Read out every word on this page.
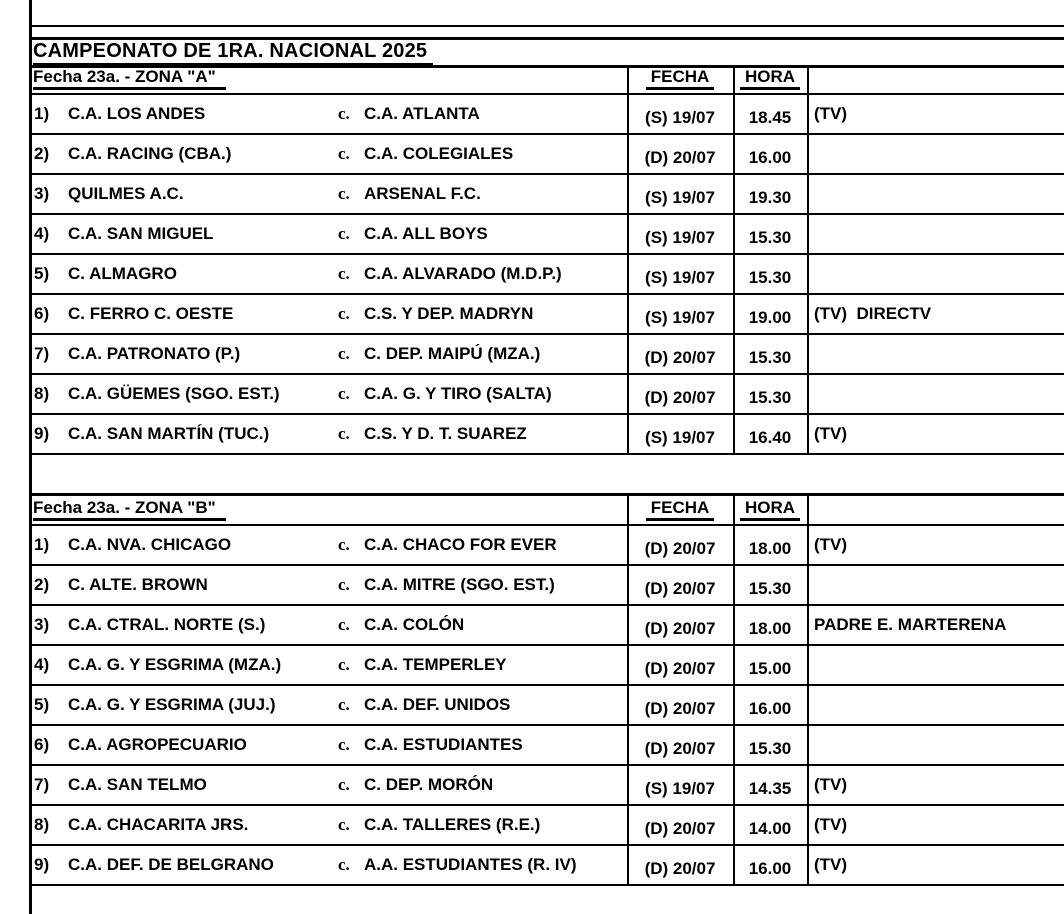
CAMPEONATO DE 1RA. NACIONAL 2025
Fecha 23a. - ZONA "A"	FECHA	HORA
1) C.A. LOS ANDES	c. C.A. ATLANTA	(S) 19/07	18.45	(TV)
2) C.A. RACING (CBA.)	c. C.A. COLEGIALES	(D) 20/07	16.00
3) QUILMES A.C.	c. ARSENAL F.C.	(S) 19/07	19.30
4) C.A. SAN MIGUEL	c. C.A. ALL BOYS	(S) 19/07	15.30
5) C. ALMAGRO	c. C.A. ALVARADO (M.D.P.)	(S) 19/07	15.30
6) C. FERRO C. OESTE	c. C.S. Y DEP. MADRYN	(S) 19/07	19.00	(TV)  DIRECTV
7) C.A. PATRONATO (P.)	c. C. DEP. MAIPÚ (MZA.)	(D) 20/07	15.30
8) C.A. GÜEMES (SGO. EST.)	c. C.A. G. Y TIRO (SALTA)	(D) 20/07	15.30
9) C.A. SAN MARTÍN (TUC.)	c. C.S. Y D. T. SUAREZ	(S) 19/07	16.40	(TV)
Fecha 23a. - ZONA "B"	FECHA	HORA
1) C.A. NVA. CHICAGO	c. C.A. CHACO FOR EVER	(D) 20/07	18.00	(TV)
2) C. ALTE. BROWN	c. C.A. MITRE (SGO. EST.)	(D) 20/07	15.30
3) C.A. CTRAL. NORTE (S.)	c. C.A. COLÓN	(D) 20/07	18.00	PADRE E. MARTERENA
4) C.A. G. Y ESGRIMA (MZA.)	c. C.A. TEMPERLEY	(D) 20/07	15.00
5) C.A. G. Y ESGRIMA (JUJ.)	c. C.A. DEF. UNIDOS	(D) 20/07	16.00
6) C.A. AGROPECUARIO	c. C.A. ESTUDIANTES	(D) 20/07	15.30
7) C.A. SAN TELMO	c. C. DEP. MORÓN	(S) 19/07	14.35	(TV)
8) C.A. CHACARITA JRS.	c. C.A. TALLERES (R.E.)	(D) 20/07	14.00	(TV)
9) C.A. DEF. DE BELGRANO	c. A.A. ESTUDIANTES (R. IV)	(D) 20/07	16.00	(TV)
